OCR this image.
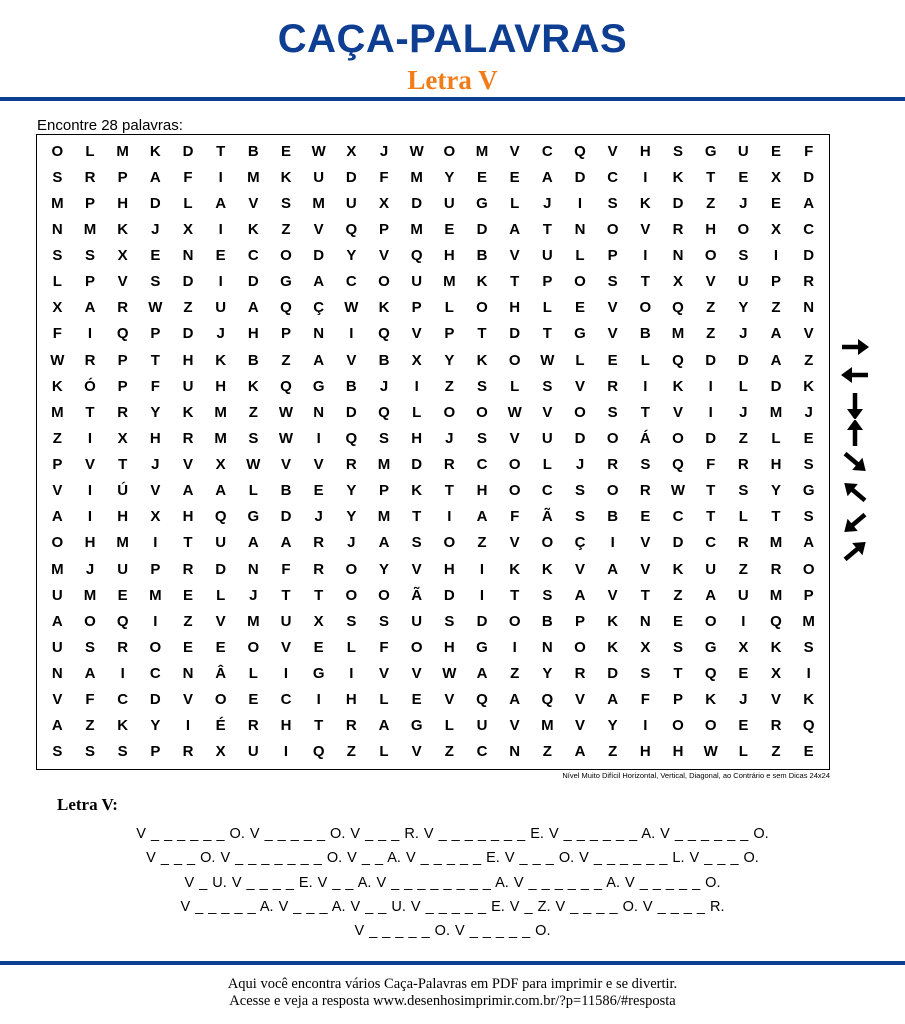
CAÇA-PALAVRAS
Letra V
Encontre 28 palavras:
O	L	M	K	D	T	B	E	W	X	J	W	O	M	V	C	Q	V	H	S	G	U	E	F
S	R	P	A	F	I	M	K	U	D	F	M	Y	E	E	A	D	C	I	K	T	E	X	D
M	P	H	D	L	A	V	S	M	U	X	D	U	G	L	J	I	S	K	D	Z	J	E	A
N	M	K	J	X	I	K	Z	V	Q	P	M	E	D	A	T	N	O	V	R	H	O	X	C
S	S	X	E	N	E	C	O	D	Y	V	Q	H	B	V	U	L	P	I	N	O	S	I	D
L	P	V	S	D	I	D	G	A	C	O	U	M	K	T	P	O	S	T	X	V	U	P	R
X	A	R	W	Z	U	A	Q	Ç	W	K	P	L	O	H	L	E	V	O	Q	Z	Y	Z	N
F	I	Q	P	D	J	H	P	N	I	Q	V	P	T	D	T	G	V	B	M	Z	J	A	V
W	R	P	T	H	K	B	Z	A	V	B	X	Y	K	O	W	L	E	L	Q	D	D	A	Z
K	Ó	P	F	U	H	K	Q	G	B	J	I	Z	S	L	S	V	R	I	K	I	L	D	K
M	T	R	Y	K	M	Z	W	N	D	Q	L	O	O	W	V	O	S	T	V	I	J	M	J
Z	I	X	H	R	M	S	W	I	Q	S	H	J	S	V	U	D	O	Á	O	D	Z	L	E
P	V	T	J	V	X	W	V	V	R	M	D	R	C	O	L	J	R	S	Q	F	R	H	S
V	I	Ú	V	A	A	L	B	E	Y	P	K	T	H	O	C	S	O	R	W	T	S	Y	G
A	I	H	X	H	Q	G	D	J	Y	M	T	I	A	F	Ã	S	B	E	C	T	L	T	S
O	H	M	I	T	U	A	A	R	J	A	S	O	Z	V	O	Ç	I	V	D	C	R	M	A
M	J	U	P	R	D	N	F	R	O	Y	V	H	I	K	K	V	A	V	K	U	Z	R	O
U	M	E	M	E	L	J	T	T	O	O	Ã	D	I	T	S	A	V	T	Z	A	U	M	P
A	O	Q	I	Z	V	M	U	X	S	S	U	S	D	O	B	P	K	N	E	O	I	Q	M
U	S	R	O	E	E	O	V	E	L	F	O	H	G	I	N	O	K	X	S	G	X	K	S
N	A	I	C	N	Â	L	I	G	I	V	V	W	A	Z	Y	R	D	S	T	Q	E	X	I
V	F	C	D	V	O	E	C	I	H	L	E	V	Q	A	Q	V	A	F	P	K	J	V	K
A	Z	K	Y	I	É	R	H	T	R	A	G	L	U	V	M	V	Y	I	O	O	E	R	Q
S	S	S	P	R	X	U	I	Q	Z	L	V	Z	C	N	Z	A	Z	H	H	W	L	Z	E
Nível Muito Difícil Horizontal, Vertical, Diagonal, ao Contrário e sem Dicas 24x24
Letra V:
V _ _ _ _ _ _ O. V _ _ _ _ _ O. V _ _ _ R. V _ _ _ _ _ _ _ E. V _ _ _ _ _ _ A. V _ _ _ _ _ _ O.
V _ _ _ O. V _ _ _ _ _ _ _ O. V _ _ A. V _ _ _ _ _ E. V _ _ _ O. V _ _ _ _ _ _ L. V _ _ _ O.
V _ U. V _ _ _ _ E. V _ _ A. V _ _ _ _ _ _ _ _ A. V _ _ _ _ _ _ A. V _ _ _ _ _ O.
V _ _ _ _ _ A. V _ _ _ A. V _ _ U. V _ _ _ _ _ E. V _ Z. V _ _ _ _ O. V _ _ _ _ R.
V _ _ _ _ _ O. V _ _ _ _ _ O.
Aqui você encontra vários Caça-Palavras em PDF para imprimir e se divertir.
Acesse e veja a resposta www.desenhosimprimir.com.br/?p=11586/#resposta
